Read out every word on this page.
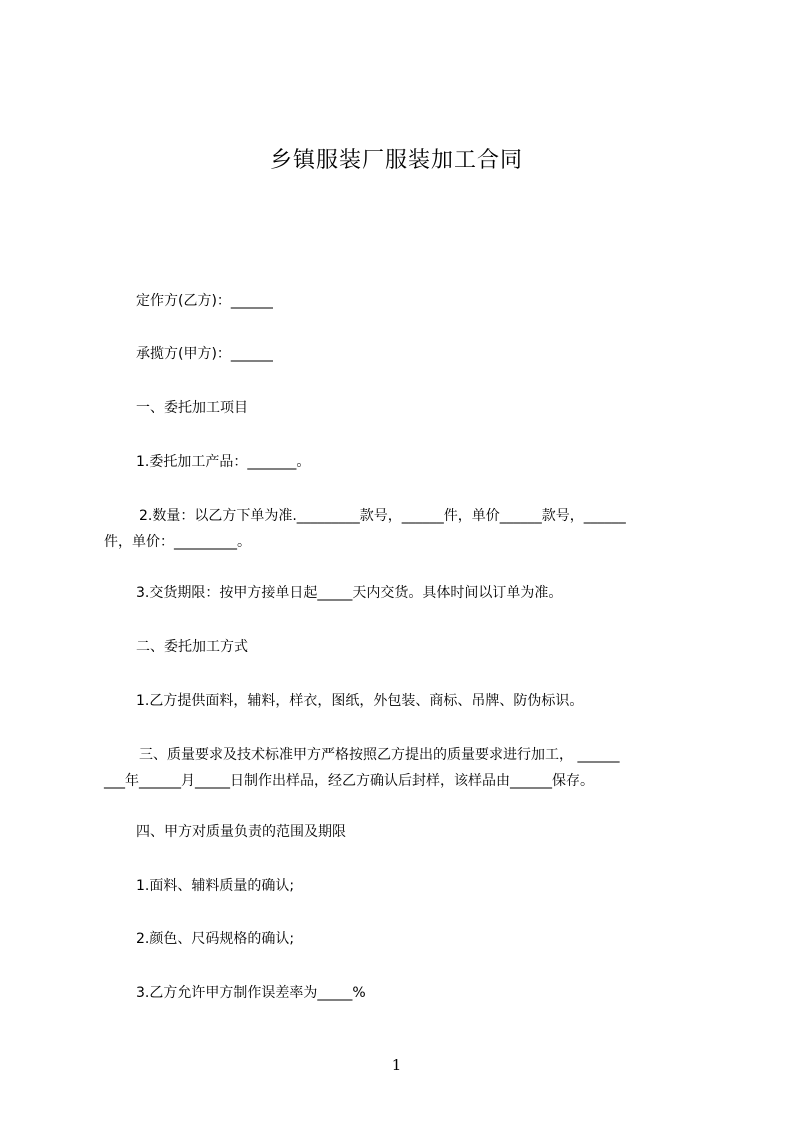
乡镇服装厂服装加工合同
定作方(乙方)：______
承揽方(甲方)：______
一、委托加工项目
1.委托加工产品：_______。
2.数量：以乙方下单为准._________款号，______件，单价______款号，______
件，单价：_________。
3.交货期限：按甲方接单日起_____天内交货。具体时间以订单为准。
二、委托加工方式
1.乙方提供面料，辅料，样衣，图纸，外包装、商标、吊牌、防伪标识。
三、质量要求及技术标准甲方严格按照乙方提出的质量要求进行加工， ______
___年______月_____日制作出样品，经乙方确认后封样，该样品由______保存。
四、甲方对质量负责的范围及期限
1.面料、辅料质量的确认;
2.颜色、尺码规格的确认;
3.乙方允许甲方制作误差率为_____%
1
